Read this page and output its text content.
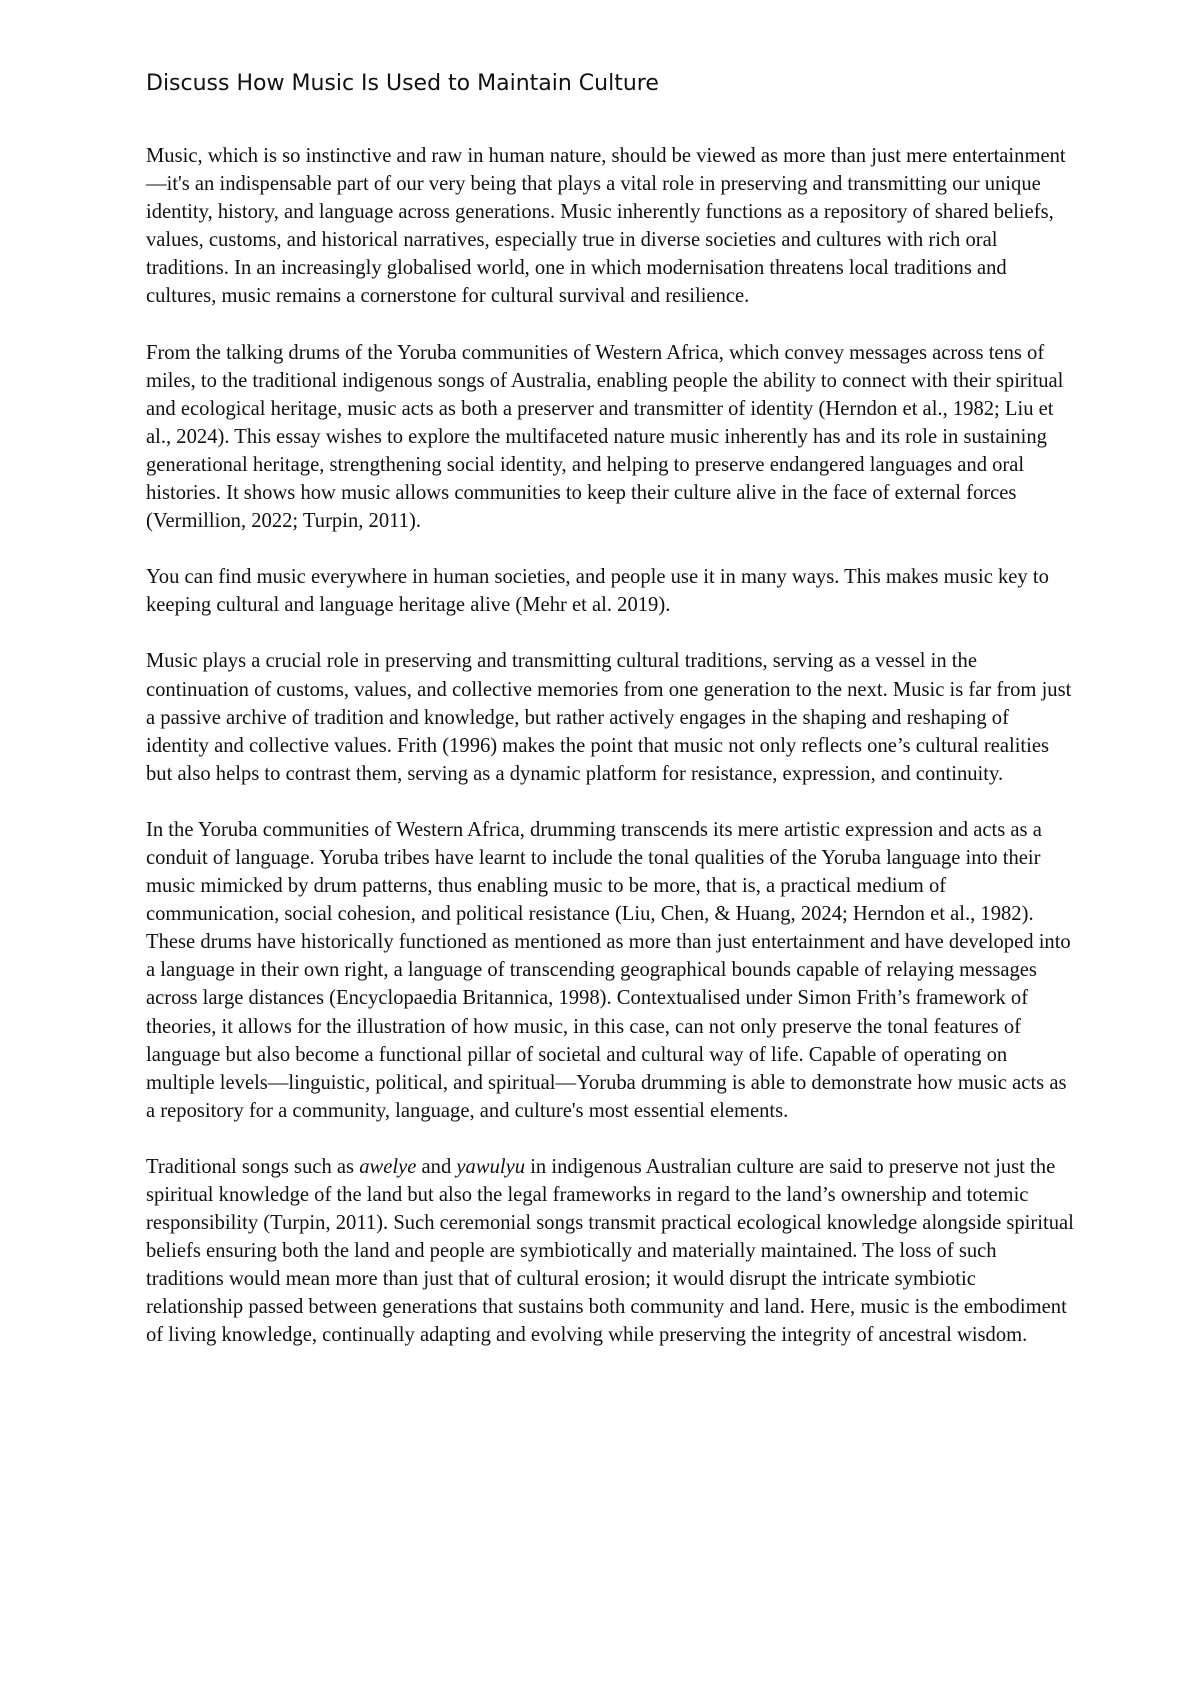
Discuss How Music Is Used to Maintain Culture

Music, which is so instinctive and raw in human nature, should be viewed as more than just mere entertainment—it's an indispensable part of our very being that plays a vital role in preserving and transmitting our unique identity, history, and language across generations. Music inherently functions as a repository of shared beliefs, values, customs, and historical narratives, especially true in diverse societies and cultures with rich oral traditions. In an increasingly globalised world, one in which modernisation threatens local traditions and cultures, music remains a cornerstone for cultural survival and resilience.

From the talking drums of the Yoruba communities of Western Africa, which convey messages across tens of miles, to the traditional indigenous songs of Australia, enabling people the ability to connect with their spiritual and ecological heritage, music acts as both a preserver and transmitter of identity (Herndon et al., 1982; Liu et al., 2024). This essay wishes to explore the multifaceted nature music inherently has and its role in sustaining generational heritage, strengthening social identity, and helping to preserve endangered languages and oral histories. It shows how music allows communities to keep their culture alive in the face of external forces (Vermillion, 2022; Turpin, 2011).

You can find music everywhere in human societies, and people use it in many ways. This makes music key to keeping cultural and language heritage alive (Mehr et al. 2019).

Music plays a crucial role in preserving and transmitting cultural traditions, serving as a vessel in the continuation of customs, values, and collective memories from one generation to the next. Music is far from just a passive archive of tradition and knowledge, but rather actively engages in the shaping and reshaping of identity and collective values. Frith (1996) makes the point that music not only reflects one’s cultural realities but also helps to contrast them, serving as a dynamic platform for resistance, expression, and continuity.

In the Yoruba communities of Western Africa, drumming transcends its mere artistic expression and acts as a conduit of language. Yoruba tribes have learnt to include the tonal qualities of the Yoruba language into their music mimicked by drum patterns, thus enabling music to be more, that is, a practical medium of communication, social cohesion, and political resistance (Liu, Chen, & Huang, 2024; Herndon et al., 1982). These drums have historically functioned as mentioned as more than just entertainment and have developed into a language in their own right, a language of transcending geographical bounds capable of relaying messages across large distances (Encyclopaedia Britannica, 1998). Contextualised under Simon Frith’s framework of theories, it allows for the illustration of how music, in this case, can not only preserve the tonal features of language but also become a functional pillar of societal and cultural way of life. Capable of operating on multiple levels—linguistic, political, and spiritual—Yoruba drumming is able to demonstrate how music acts as a repository for a community, language, and culture's most essential elements.

Traditional songs such as awelye and yawulyu in indigenous Australian culture are said to preserve not just the spiritual knowledge of the land but also the legal frameworks in regard to the land’s ownership and totemic responsibility (Turpin, 2011). Such ceremonial songs transmit practical ecological knowledge alongside spiritual beliefs ensuring both the land and people are symbiotically and materially maintained. The loss of such traditions would mean more than just that of cultural erosion; it would disrupt the intricate symbiotic relationship passed between generations that sustains both community and land. Here, music is the embodiment of living knowledge, continually adapting and evolving while preserving the integrity of ancestral wisdom.
